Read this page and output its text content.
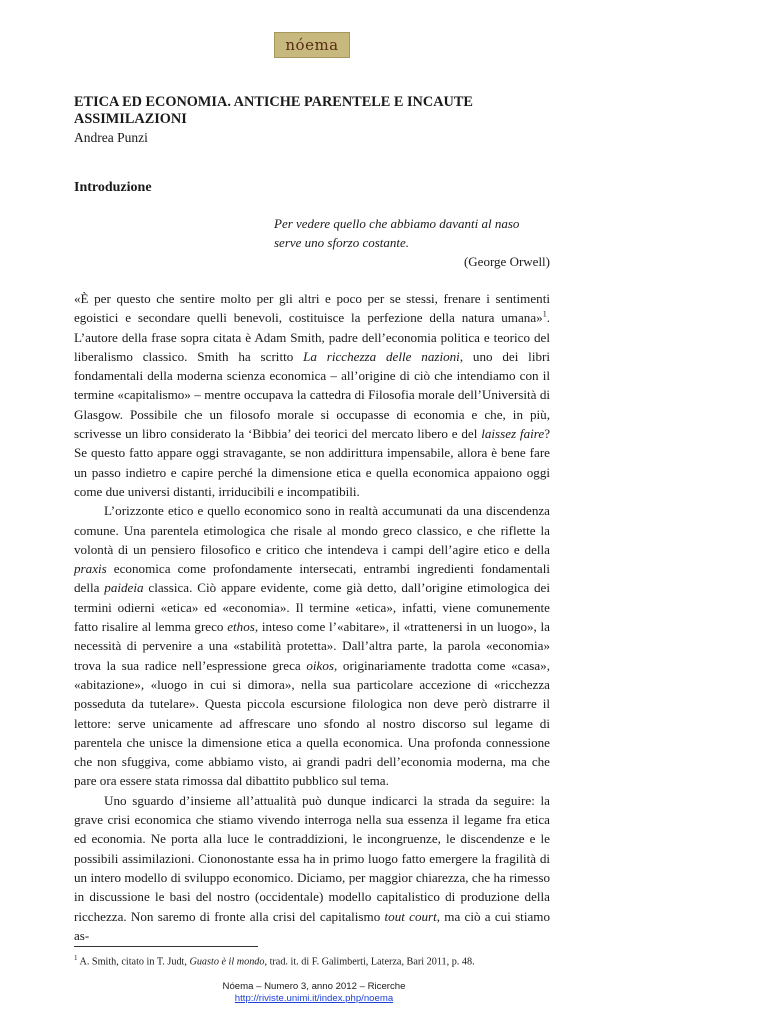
nóema
ETICA ED ECONOMIA. ANTICHE PARENTELE E INCAUTE ASSIMILAZIONI
Andrea Punzi
Introduzione
Per vedere quello che abbiamo davanti al naso serve uno sforzo costante.
(George Orwell)

«È per questo che sentire molto per gli altri e poco per se stessi, frenare i sentimenti egoistici e secondare quelli benevoli, costituisce la perfezione della natura umana»$^1$. L’autore della frase sopra citata è Adam Smith, padre dell’economia politica e teorico del liberalismo classico. Smith ha scritto La ricchezza delle nazioni, uno dei libri fondamentali della moderna scienza economica – all’origine di ciò che intendiamo con il termine «capitalismo» – mentre occupava la cattedra di Filosofia morale dell’Università di Glasgow. Possibile che un filosofo morale si occupasse di economia e che, in più, scrivesse un libro considerato la ‘Bibbia’ dei teorici del mercato libero e del laissez faire? Se questo fatto appare oggi stravagante, se non addirittura impensabile, allora è bene fare un passo indietro e capire perché la dimensione etica e quella economica appaiono oggi come due universi distanti, irriducibili e incompatibili.

L’orizzonte etico e quello economico sono in realtà accumunati da una discendenza comune. Una parentela etimologica che risale al mondo greco classico, e che riflette la volontà di un pensiero filosofico e critico che intendeva i campi dell’agire etico e della praxis economica come profondamente intersecati, entrambi ingredienti fondamentali della paideia classica. Ciò appare evidente, come già detto, dall’origine etimologica dei termini odierni «etica» ed «economia». Il termine «etica», infatti, viene comunemente fatto risalire al lemma greco ethos, inteso come l’«abitare», il «trattenersi in un luogo», la necessità di pervenire a una «stabilità protetta». Dall’altra parte, la parola «economia» trova la sua radice nell’espressione greca oikos, originariamente tradotta come «casa», «abitazione», «luogo in cui si dimora», nella sua particolare accezione di «ricchezza posseduta da tutelare». Questa piccola escursione filologica non deve però distrarre il lettore: serve unicamente ad affrescare uno sfondo al nostro discorso sul legame di parentela che unisce la dimensione etica a quella economica. Una profonda connessione che non sfuggiva, come abbiamo visto, ai grandi padri dell’economia moderna, ma che pare ora essere stata rimossa dal dibattito pubblico sul tema.

Uno sguardo d’insieme all’attualità può dunque indicarci la strada da seguire: la grave crisi economica che stiamo vivendo interroga nella sua essenza il legame fra etica ed economia. Ne porta alla luce le contraddizioni, le incongruenze, le discendenze e le possibili assimilazioni. Ciononostante essa ha in primo luogo fatto emergere la fragilità di un intero modello di sviluppo economico. Diciamo, per maggior chiarezza, che ha rimesso in discussione le basi del nostro (occidentale) modello capitalistico di produzione della ricchezza. Non saremo di fronte alla crisi del capitalismo tout court, ma ciò a cui stiamo as-

$^1$ A. Smith, citato in T. Judt, Guasto è il mondo, trad. it. di F. Galimberti, Laterza, Bari 2011, p. 48.
Nóema – Numero 3, anno 2012 – Ricerche
http://riviste.unimi.it/index.php/noema
